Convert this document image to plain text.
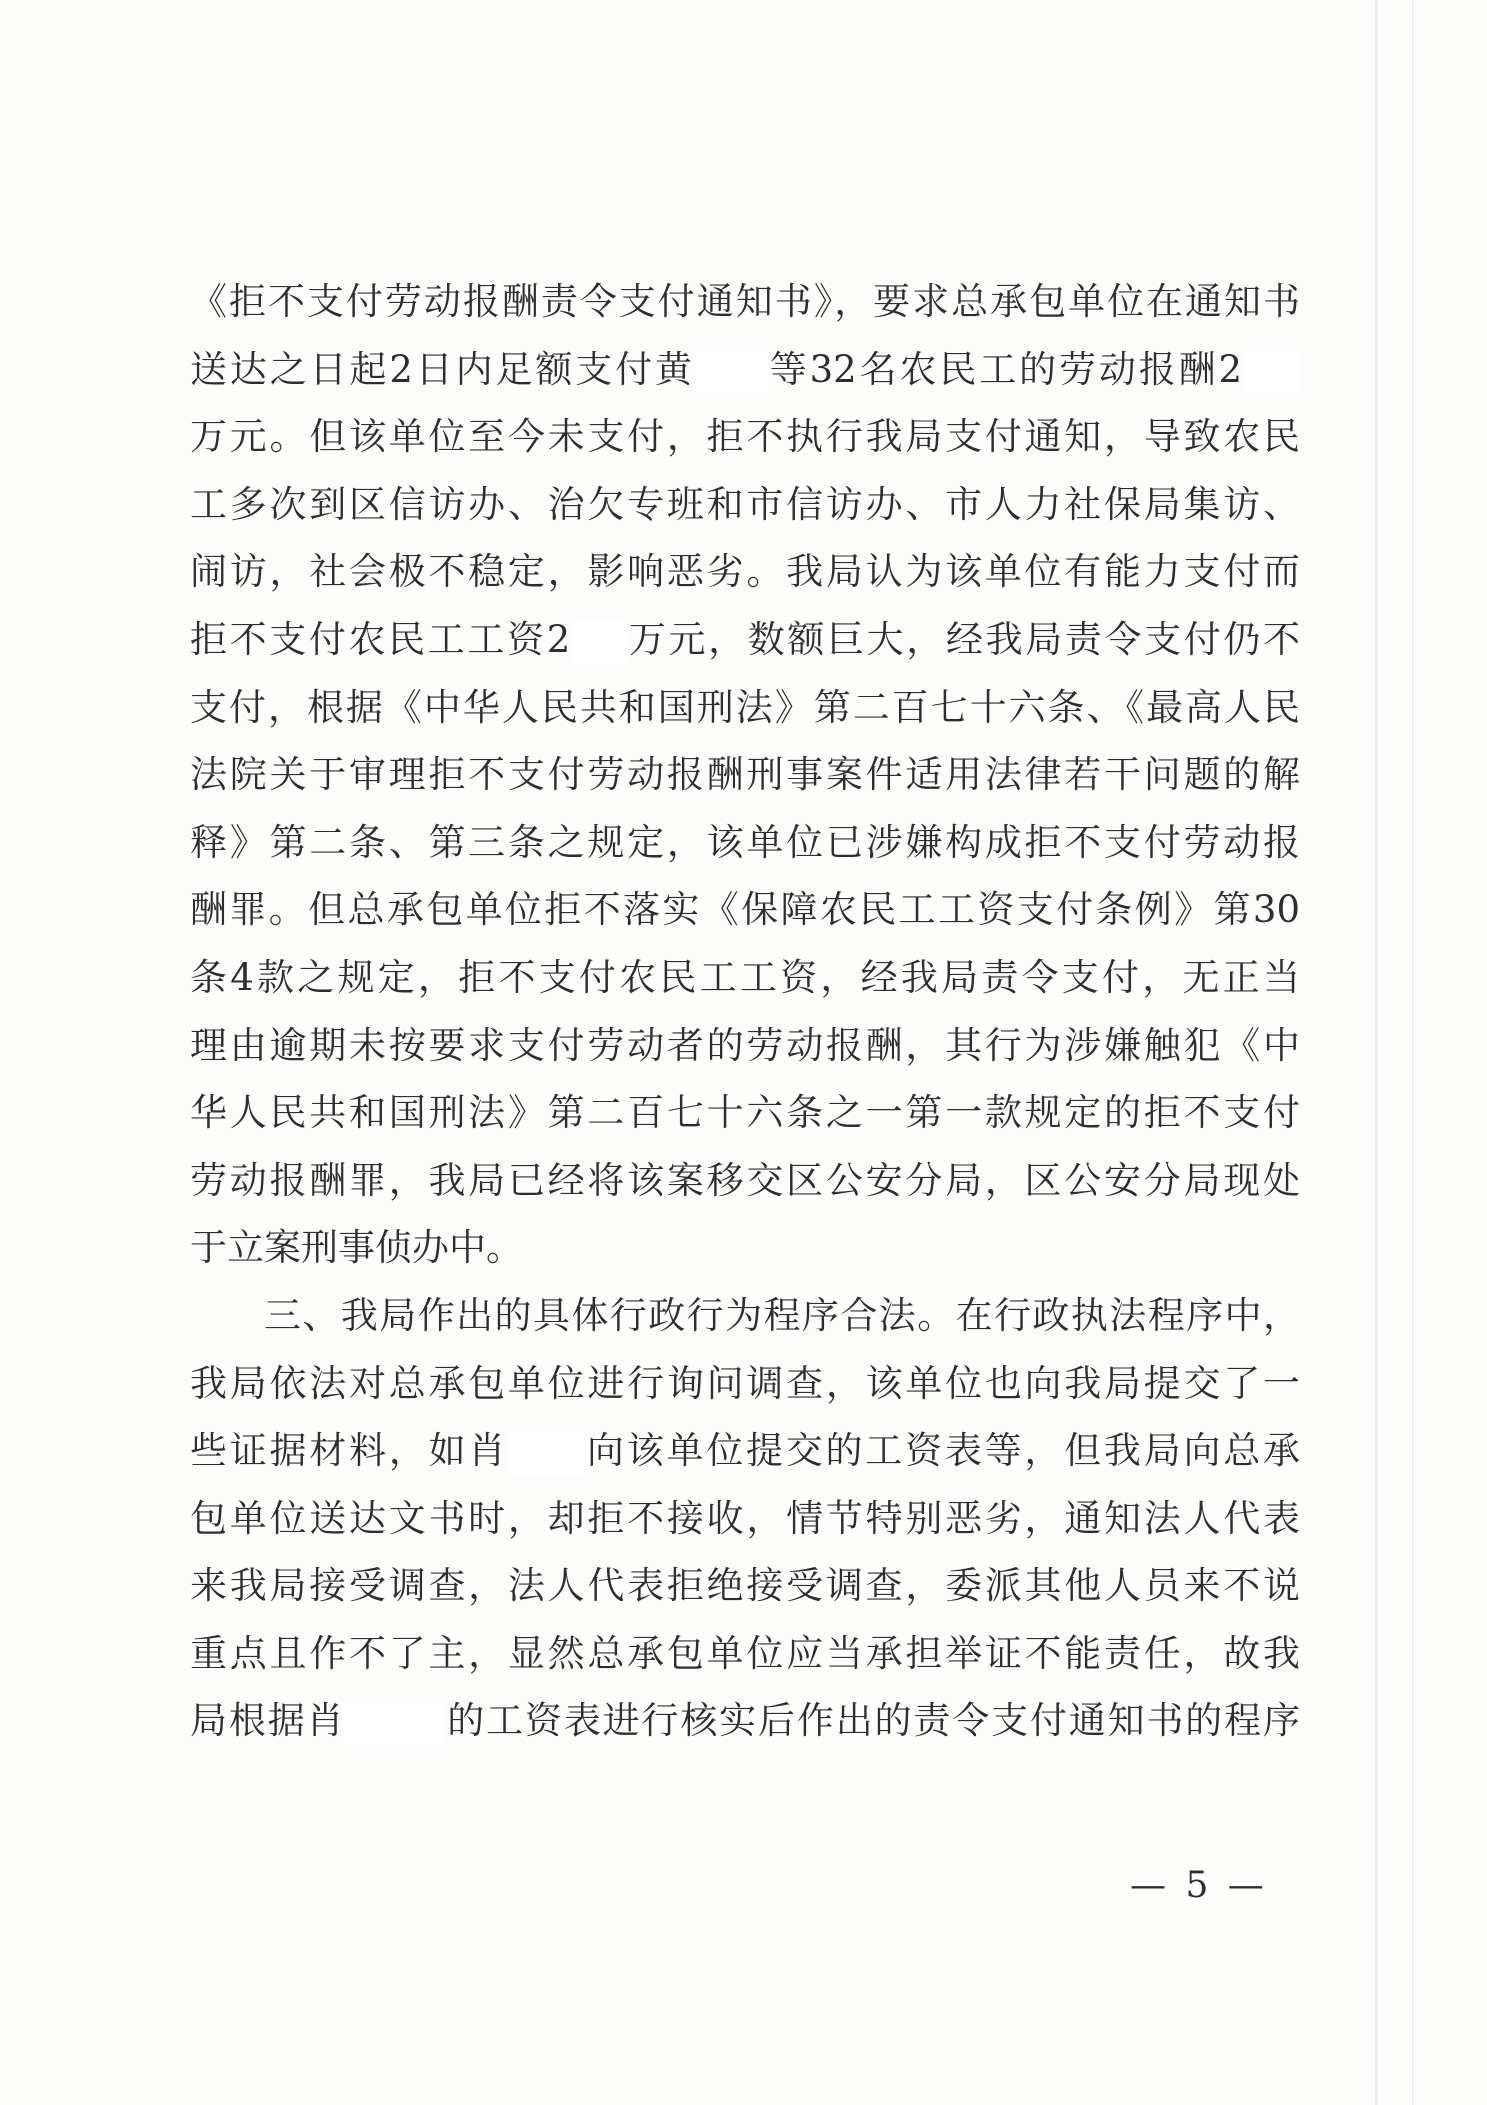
《拒不支付劳动报酬责令支付通知书》，要求总承包单位在通知书
送达之日起2日内足额支付黄 等32名农民工的劳动报酬2
万元。但该单位至今未支付，拒不执行我局支付通知，导致农民
工多次到区信访办、治欠专班和市信访办、市人力社保局集访、
闹访，社会极不稳定，影响恶劣。我局认为该单位有能力支付而
拒不支付农民工工资2 万元，数额巨大，经我局责令支付仍不
支付，根据《中华人民共和国刑法》第二百七十六条、《最高人民
法院关于审理拒不支付劳动报酬刑事案件适用法律若干问题的解
释》第二条、第三条之规定，该单位已涉嫌构成拒不支付劳动报
酬罪。但总承包单位拒不落实《保障农民工工资支付条例》第30
条4款之规定，拒不支付农民工工资，经我局责令支付，无正当
理由逾期未按要求支付劳动者的劳动报酬，其行为涉嫌触犯《中
华人民共和国刑法》第二百七十六条之一第一款规定的拒不支付
劳动报酬罪，我局已经将该案移交区公安分局，区公安分局现处
于立案刑事侦办中。
三、我局作出的具体行政行为程序合法。在行政执法程序中，
我局依法对总承包单位进行询问调查，该单位也向我局提交了一
些证据材料，如肖 向该单位提交的工资表等，但我局向总承
包单位送达文书时，却拒不接收，情节特别恶劣，通知法人代表
来我局接受调查，法人代表拒绝接受调查，委派其他人员来不说
重点且作不了主，显然总承包单位应当承担举证不能责任，故我
局根据肖	的工资表进行核实后作出的责令支付通知书的程序
— 5 —
